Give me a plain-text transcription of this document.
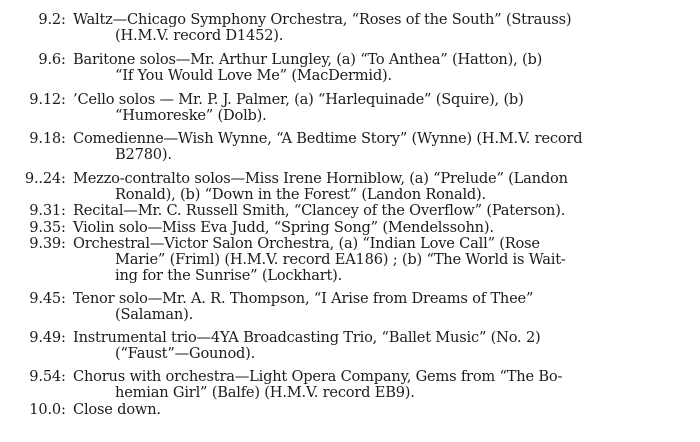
9.2 : Waltz—Chicago Symphony Orchestra, “Roses of the South” (Strauss)
(H.M.V. record D1452).
9.6 : Baritone solos—Mr. Arthur Lungley, (a) “To Anthea” (Hatton), (b)
“If You Would Love Me” (MacDermid).
9.12 : ’Cello solos — Mr. P. J. Palmer, (a) “Harlequinade” (Squire), (b)
“Humoreske” (Dolb).
9.18 : Comedienne—Wish Wynne, “A Bedtime Story” (Wynne) (H.M.V. record
B2780).
9..24 : Mezzo-contralto solos—Miss Irene Horniblow, (a) “Prelude” (Landon
Ronald), (b) “Down in the Forest” (Landon Ronald).
9.31 : Recital—Mr. C. Russell Smith, “Clancey of the Overflow” (Paterson).
9.35 : Violin solo—Miss Eva Judd, “Spring Song” (Mendelssohn).
9.39 : Orchestral—Victor Salon Orchestra, (a) “Indian Love Call” (Rose
Marie” (Friml) (H.M.V. record EA186) ; (b) “The World is Wait-
ing for the Sunrise” (Lockhart).
9.45 : Tenor solo—Mr. A. R. Thompson, “I Arise from Dreams of Thee”
(Salaman).
9.49 : Instrumental trio—4YA Broadcasting Trio, “Ballet Music” (No. 2)
(“Faust”—Gounod).
9.54 : Chorus with orchestra—Light Opera Company, Gems from “The Bo-
hemian Girl” (Balfe) (H.M.V. record EB9).
10.0 : Close down.
